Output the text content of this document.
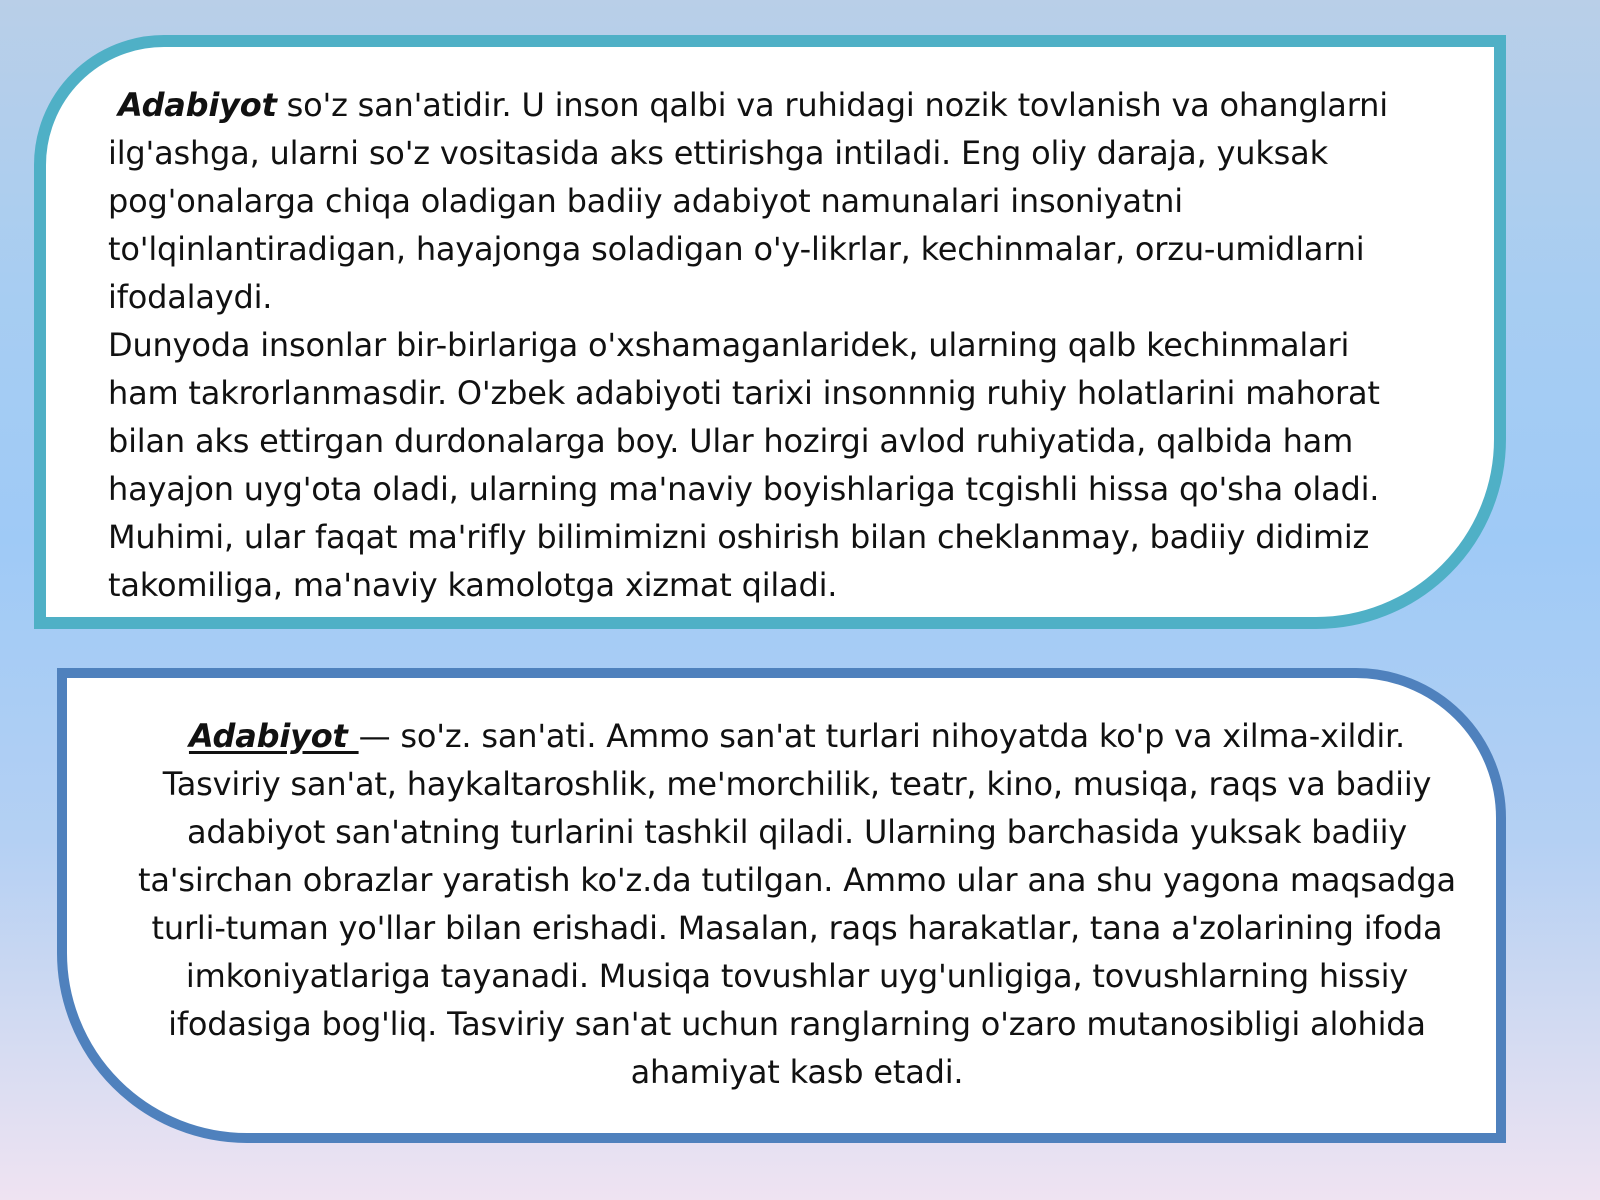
Adabiyot so'z san'atidir. U inson qalbi va ruhidagi nozik tovlanish va ohanglarni ilg'ashga, ularni so'z vositasida aks ettirishga intiladi. Eng oliy daraja, yuksak pog'onalarga chiqa oladigan badiiy adabiyot namunalari insoniyatni to'lqinlantiradigan, hayajonga soladigan o'y-likrlar, kechinmalar, orzu-umidlarni ifodalaydi.

Dunyoda insonlar bir-birlariga o'xshamaganlaridek, ularning qalb kechinmalari ham takrorlanmasdir. O'zbek adabiyoti tarixi insonnnig ruhiy holatlarini mahorat bilan aks ettirgan durdonalarga boy. Ular hozirgi avlod ruhiyatida, qalbida ham hayajon uyg'ota oladi, ularning ma'naviy boyishlariga tcgishli hissa qo'sha oladi. Muhimi, ular faqat ma'rifly bilimimizni oshirish bilan cheklanmay, badiiy didimiz takomiliga, ma'naviy kamolotga xizmat qiladi.

Adabiyot — so'z. san'ati. Ammo san'at turlari nihoyatda ko'p va xilma-xildir. Tasviriy san'at, haykaltaroshlik, me'morchilik, teatr, kino, musiqa, raqs va badiiy adabiyot san'atning turlarini tashkil qiladi. Ularning barchasida yuksak badiiy ta'sirchan obrazlar yaratish ko'z.da tutilgan. Ammo ular ana shu yagona maqsadga turli-tuman yo'llar bilan erishadi. Masalan, raqs harakatlar, tana a'zolarining ifoda imkoniyatlariga tayanadi. Musiqa tovushlar uyg'unligiga, tovushlarning hissiy ifodasiga bog'liq. Tasviriy san'at uchun ranglarning o'zaro mutanosibligi alohida ahamiyat kasb etadi.
